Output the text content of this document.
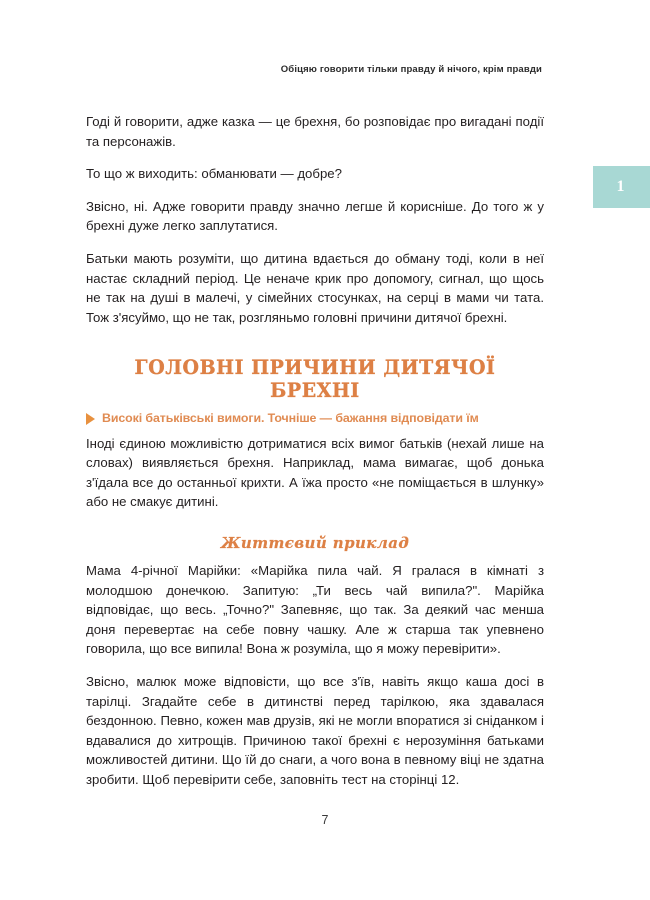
Обіцяю говорити тільки правду й нічого, крім правди
1

Годі й говорити, адже казка — це брехня, бо розповідає про вигадані події та персонажів.

То що ж виходить: обманювати — добре?

Звісно, ні. Адже говорити правду значно легше й корисніше. До того ж у брехні дуже легко заплутатися.

Батьки мають розуміти, що дитина вдається до обману тоді, коли в неї настає складний період. Це неначе крик про допомогу, сигнал, що щось не так на душі в малечі, у сімейних стосунках, на серці в мами чи тата. Тож з'ясуймо, що не так, розгляньмо головні причини дитячої брехні.

ГОЛОВНІ ПРИЧИНИ ДИТЯЧОЇ БРЕХНІ
Високі батьківські вимоги. Точніше — бажання відповідати їм

Іноді єдиною можливістю дотриматися всіх вимог батьків (нехай лише на словах) виявляється брехня. Наприклад, мама вимагає, щоб донька з'їдала все до останньої крихти. А їжа просто «не поміщається в шлунку» або не смакує дитині.

Життєвий приклад

Мама 4-річної Марійки: «Марійка пила чай. Я гралася в кімнаті з молодшою донечкою. Запитую: „Ти весь чай випила?". Марійка відповідає, що весь. „Точно?" Запевняє, що так. За деякий час менша доня перевертає на себе повну чашку. Але ж старша так упевнено говорила, що все випила! Вона ж розуміла, що я можу перевірити».

Звісно, малюк може відповісти, що все з'їв, навіть якщо каша досі в тарілці. Згадайте себе в дитинстві перед тарілкою, яка здавалася бездонною. Певно, кожен мав друзів, які не могли впоратися зі сніданком і вдавалися до хитрощів. Причиною такої брехні є нерозуміння батьками можливостей дитини. Що їй до снаги, а чого вона в певному віці не здатна зробити. Щоб перевірити себе, заповніть тест на сторінці 12.

7
